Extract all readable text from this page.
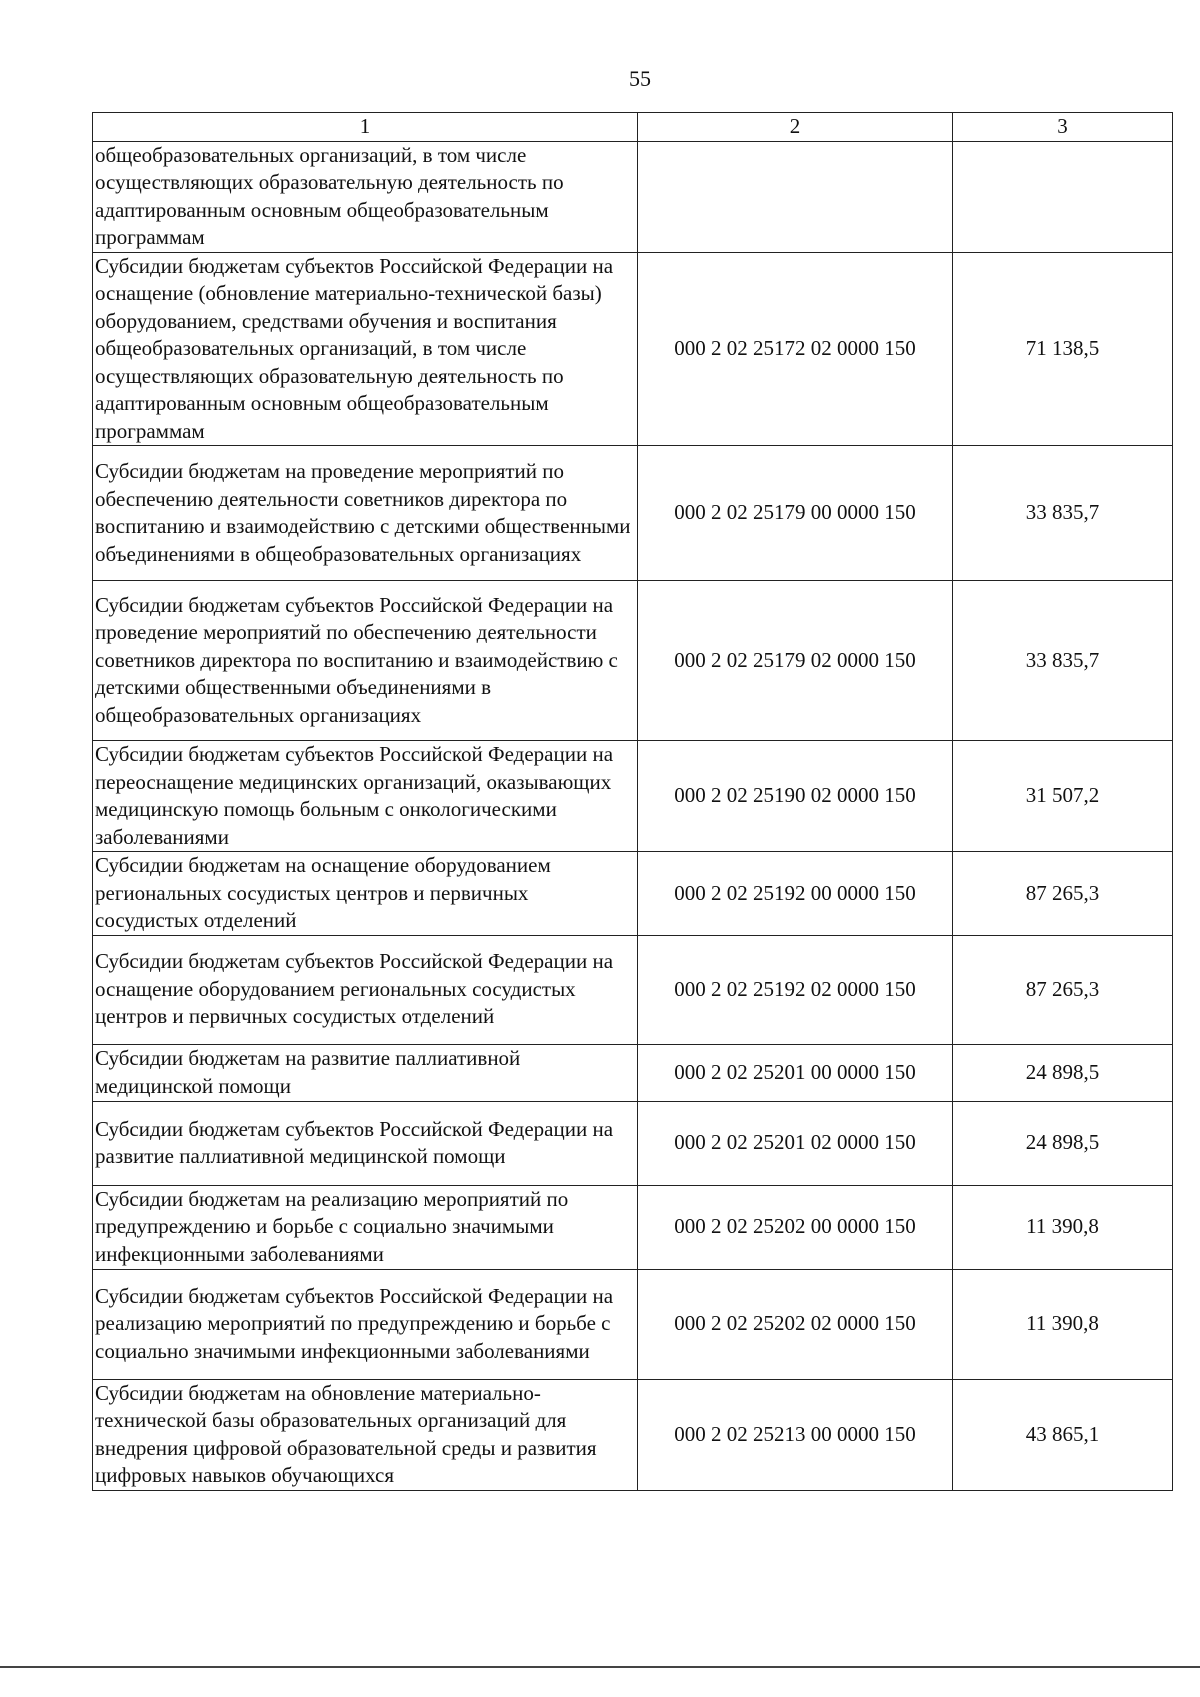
55
1	2	3
общеобразовательных организаций, в том числе осуществляющих образовательную деятельность по адаптированным основным общеобразовательным программам		
Субсидии бюджетам субъектов Российской Федерации на оснащение (обновление материально-технической базы) оборудованием, средствами обучения и воспитания общеобразовательных организаций, в том числе осуществляющих образовательную деятельность по адаптированным основным общеобразовательным программам	000 2 02 25172 02 0000 150	71 138,5
Субсидии бюджетам на проведение мероприятий по обеспечению деятельности советников директора по воспитанию и взаимодействию с детскими общественными объединениями в общеобразовательных организациях	000 2 02 25179 00 0000 150	33 835,7
Субсидии бюджетам субъектов Российской Федерации на проведение мероприятий по обеспечению деятельности советников директора по воспитанию и взаимодействию с детскими общественными объединениями в общеобразовательных организациях	000 2 02 25179 02 0000 150	33 835,7
Субсидии бюджетам субъектов Российской Федерации на переоснащение медицинских организаций, оказывающих медицинскую помощь больным с онкологическими заболеваниями	000 2 02 25190 02 0000 150	31 507,2
Субсидии бюджетам на оснащение оборудованием региональных сосудистых центров и первичных сосудистых отделений	000 2 02 25192 00 0000 150	87 265,3
Субсидии бюджетам субъектов Российской Федерации на оснащение оборудованием региональных сосудистых центров и первичных сосудистых отделений	000 2 02 25192 02 0000 150	87 265,3
Субсидии бюджетам на развитие паллиативной медицинской помощи	000 2 02 25201 00 0000 150	24 898,5
Субсидии бюджетам субъектов Российской Федерации на развитие паллиативной медицинской помощи	000 2 02 25201 02 0000 150	24 898,5
Субсидии бюджетам на реализацию мероприятий по предупреждению и борьбе с социально значимыми инфекционными заболеваниями	000 2 02 25202 00 0000 150	11 390,8
Субсидии бюджетам субъектов Российской Федерации на реализацию мероприятий по предупреждению и борьбе с социально значимыми инфекционными заболеваниями	000 2 02 25202 02 0000 150	11 390,8
Субсидии бюджетам на обновление материально-технической базы образовательных организаций для внедрения цифровой образовательной среды и развития цифровых навыков обучающихся	000 2 02 25213 00 0000 150	43 865,1
